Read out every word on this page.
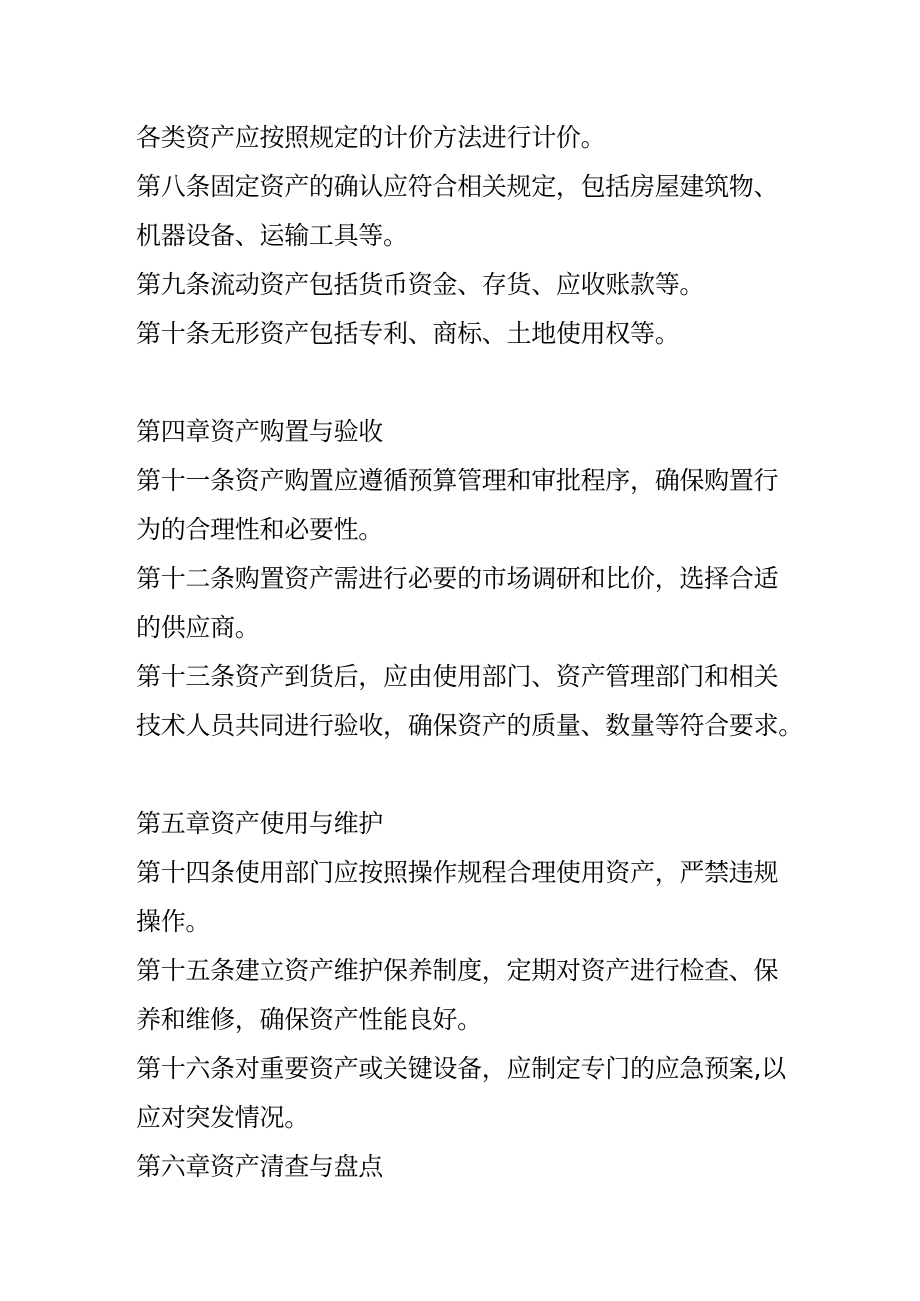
各类资产应按照规定的计价方法进行计价。
第八条固定资产的确认应符合相关规定，包括房屋建筑物、
机器设备、运输工具等。
第九条流动资产包括货币资金、存货、应收账款等。
第十条无形资产包括专利、商标、土地使用权等。
第四章资产购置与验收
第十一条资产购置应遵循预算管理和审批程序，确保购置行
为的合理性和必要性。
第十二条购置资产需进行必要的市场调研和比价，选择合适
的供应商。
第十三条资产到货后，应由使用部门、资产管理部门和相关
技术人员共同进行验收，确保资产的质量、数量等符合要求。
第五章资产使用与维护
第十四条使用部门应按照操作规程合理使用资产，严禁违规
操作。
第十五条建立资产维护保养制度，定期对资产进行检查、保
养和维修，确保资产性能良好。
第十六条对重要资产或关键设备，应制定专门的应急预案,以
应对突发情况。
第六章资产清查与盘点
